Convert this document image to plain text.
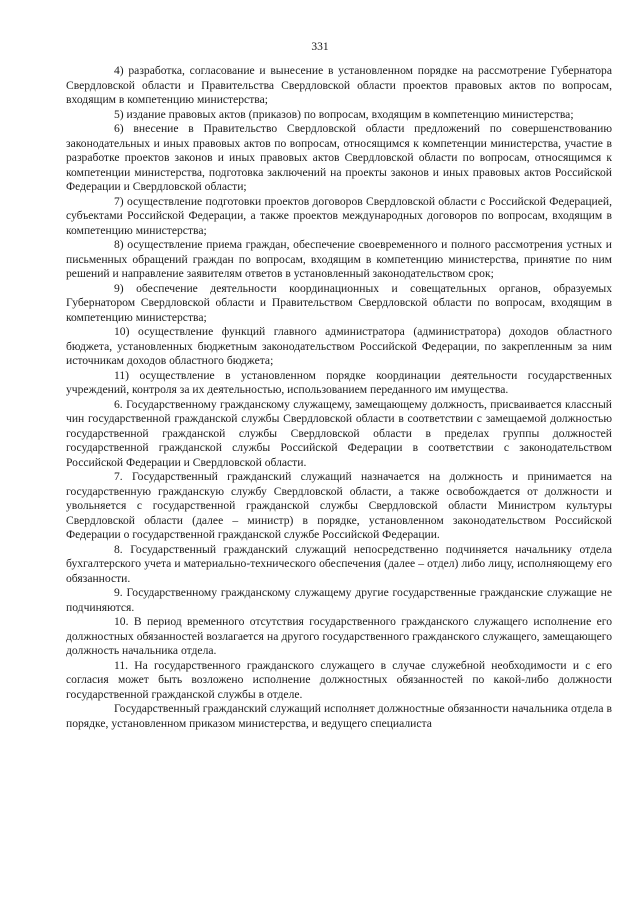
331

4) разработка, согласование и вынесение в установленном порядке на рассмотрение Губернатора Свердловской области и Правительства Свердловской области проектов правовых актов по вопросам, входящим в компетенцию министерства;

5) издание правовых актов (приказов) по вопросам, входящим в компетенцию министерства;

6) внесение в Правительство Свердловской области предложений по совершенствованию законодательных и иных правовых актов по вопросам, относящимся к компетенции министерства, участие в разработке проектов законов и иных правовых актов Свердловской области по вопросам, относящимся к компетенции министерства, подготовка заключений на проекты законов и иных правовых актов Российской Федерации и Свердловской области;

7) осуществление подготовки проектов договоров Свердловской области с Российской Федерацией, субъектами Российской Федерации, а также проектов международных договоров по вопросам, входящим в компетенцию министерства;

8) осуществление приема граждан, обеспечение своевременного и полного рассмотрения устных и письменных обращений граждан по вопросам, входящим в компетенцию министерства, принятие по ним решений и направление заявителям ответов в установленный законодательством срок;

9) обеспечение деятельности координационных и совещательных органов, образуемых Губернатором Свердловской области и Правительством Свердловской области по вопросам, входящим в компетенцию министерства;

10) осуществление функций главного администратора (администратора) доходов областного бюджета, установленных бюджетным законодательством Российской Федерации, по закрепленным за ним источникам доходов областного бюджета;

11) осуществление в установленном порядке координации деятельности государственных учреждений, контроля за их деятельностью, использованием переданного им имущества.

6. Государственному гражданскому служащему, замещающему должность, присваивается классный чин государственной гражданской службы Свердловской области в соответствии с замещаемой должностью государственной гражданской службы Свердловской области в пределах группы должностей государственной гражданской службы Российской Федерации в соответствии с законодательством Российской Федерации и Свердловской области.

7. Государственный гражданский служащий назначается на должность и принимается на государственную гражданскую службу Свердловской области, а также освобождается от должности и увольняется с государственной гражданской службы Свердловской области Министром культуры Свердловской области (далее – министр) в порядке, установленном законодательством Российской Федерации о государственной гражданской службе Российской Федерации.

8. Государственный гражданский служащий непосредственно подчиняется начальнику отдела бухгалтерского учета и материально-технического обеспечения (далее – отдел) либо лицу, исполняющему его обязанности.

9. Государственному гражданскому служащему другие государственные гражданские служащие не подчиняются.

10. В период временного отсутствия государственного гражданского служащего исполнение его должностных обязанностей возлагается на другого государственного гражданского служащего, замещающего должность начальника отдела.

11. На государственного гражданского служащего в случае служебной необходимости и с его согласия может быть возложено исполнение должностных обязанностей по какой-либо должности государственной гражданской службы в отделе.

Государственный гражданский служащий исполняет должностные обязанности начальника отдела в порядке, установленном приказом министерства, и ведущего специалиста
